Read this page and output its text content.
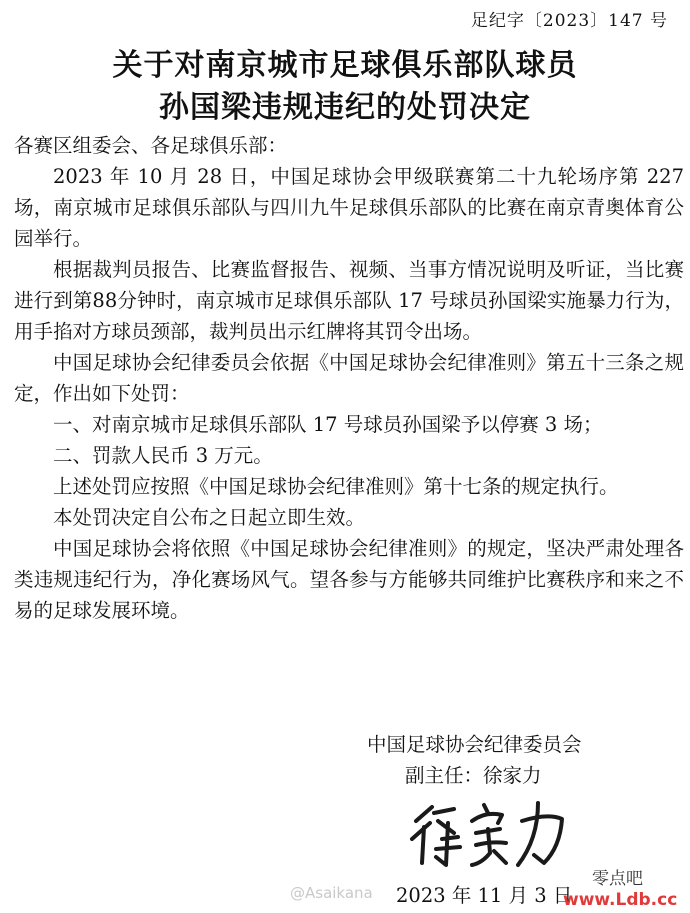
足纪字〔2023〕147 号
关于对南京城市足球俱乐部队球员
孙国梁违规违纪的处罚决定

各赛区组委会、各足球俱乐部：

2023 年 10 月 28 日，中国足球协会甲级联赛第二十九轮场序第 227 场，南京城市足球俱乐部队与四川九牛足球俱乐部队的比赛在南京青奥体育公园举行。

根据裁判员报告、比赛监督报告、视频、当事方情况说明及听证，当比赛进行到第88分钟时，南京城市足球俱乐部队 17 号球员孙国梁实施暴力行为，用手掐对方球员颈部，裁判员出示红牌将其罚令出场。

中国足球协会纪律委员会依据《中国足球协会纪律准则》第五十三条之规定，作出如下处罚：

一、对南京城市足球俱乐部队 17 号球员孙国梁予以停赛 3 场；

二、罚款人民币 3 万元。

上述处罚应按照《中国足球协会纪律准则》第十七条的规定执行。

本处罚决定自公布之日起立即生效。

中国足球协会将依照《中国足球协会纪律准则》的规定，坚决严肃处理各类违规违纪行为，净化赛场风气。望各参与方能够共同维护比赛秩序和来之不易的足球发展环境。

中国足球协会纪律委员会
副主任：徐家力
2023 年 11 月 3 日
@Asaikana
零点吧
www.Ldb.cc
